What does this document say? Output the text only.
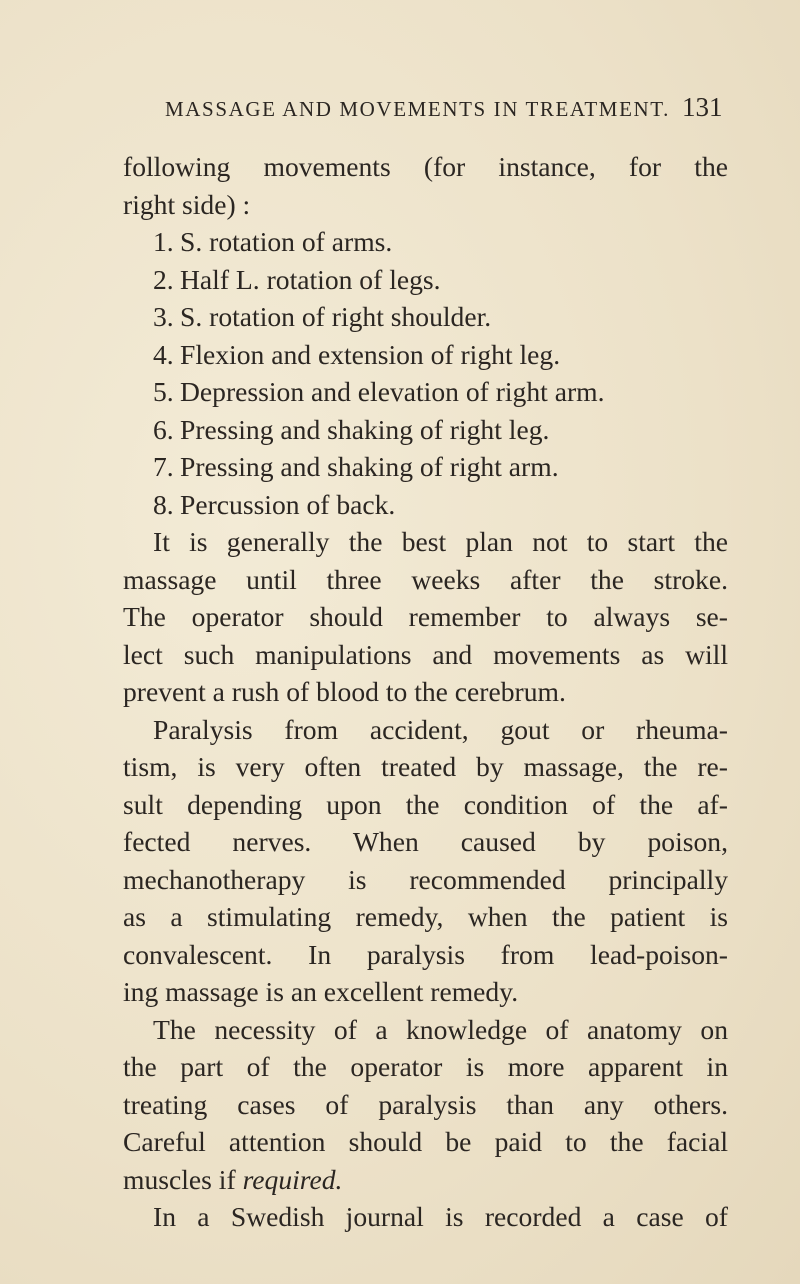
MASSAGE AND MOVEMENTS IN TREATMENT. 131
following movements (for instance, for the
right side) :
1. S. rotation of arms.
2. Half L. rotation of legs.
3. S. rotation of right shoulder.
4. Flexion and extension of right leg.
5. Depression and elevation of right arm.
6. Pressing and shaking of right leg.
7. Pressing and shaking of right arm.
8. Percussion of back.
It is generally the best plan not to start the
massage until three weeks after the stroke.
The operator should remember to always se-
lect such manipulations and movements as will
prevent a rush of blood to the cerebrum.
Paralysis from accident, gout or rheuma-
tism, is very often treated by massage, the re-
sult depending upon the condition of the af-
fected nerves. When caused by poison,
mechanotherapy is recommended principally
as a stimulating remedy, when the patient is
convalescent. In paralysis from lead-poison-
ing massage is an excellent remedy.
The necessity of a knowledge of anatomy on
the part of the operator is more apparent in
treating cases of paralysis than any others.
Careful attention should be paid to the facial
muscles if required.
In a Swedish journal is recorded a case of
